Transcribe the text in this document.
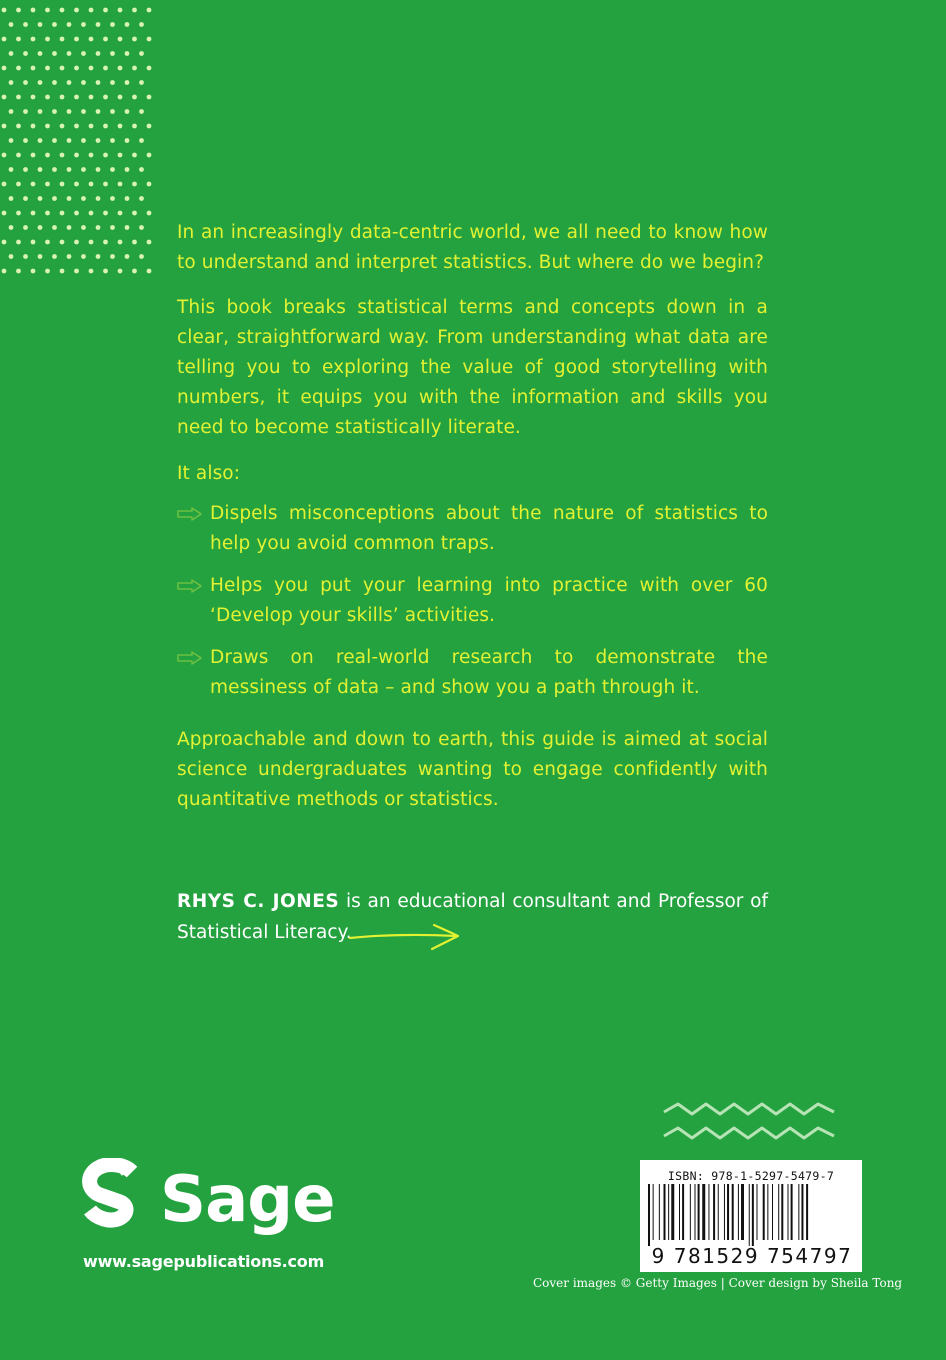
In an increasingly data-centric world, we all need to know how to understand and interpret statistics. But where do we begin?

This book breaks statistical terms and concepts down in a clear, straightforward way. From understanding what data are telling you to exploring the value of good storytelling with numbers, it equips you with the information and skills you need to become statistically literate.

It also:

Dispels misconceptions about the nature of statistics to help you avoid common traps.
Helps you put your learning into practice with over 60 ‘Develop your skills’ activities.
Draws on real-world research to demonstrate the messiness of data – and show you a path through it.

Approachable and down to earth, this guide is aimed at social science undergraduates wanting to engage confidently with quantitative methods or statistics.

RHYS C. JONES is an educational consultant and Professor of Statistical Literacy.
ISBN: 978-1-5297-5479-7
9 781529 754797
Cover images © Getty Images | Cover design by Sheila Tong
Sage
www.sagepublications.com
